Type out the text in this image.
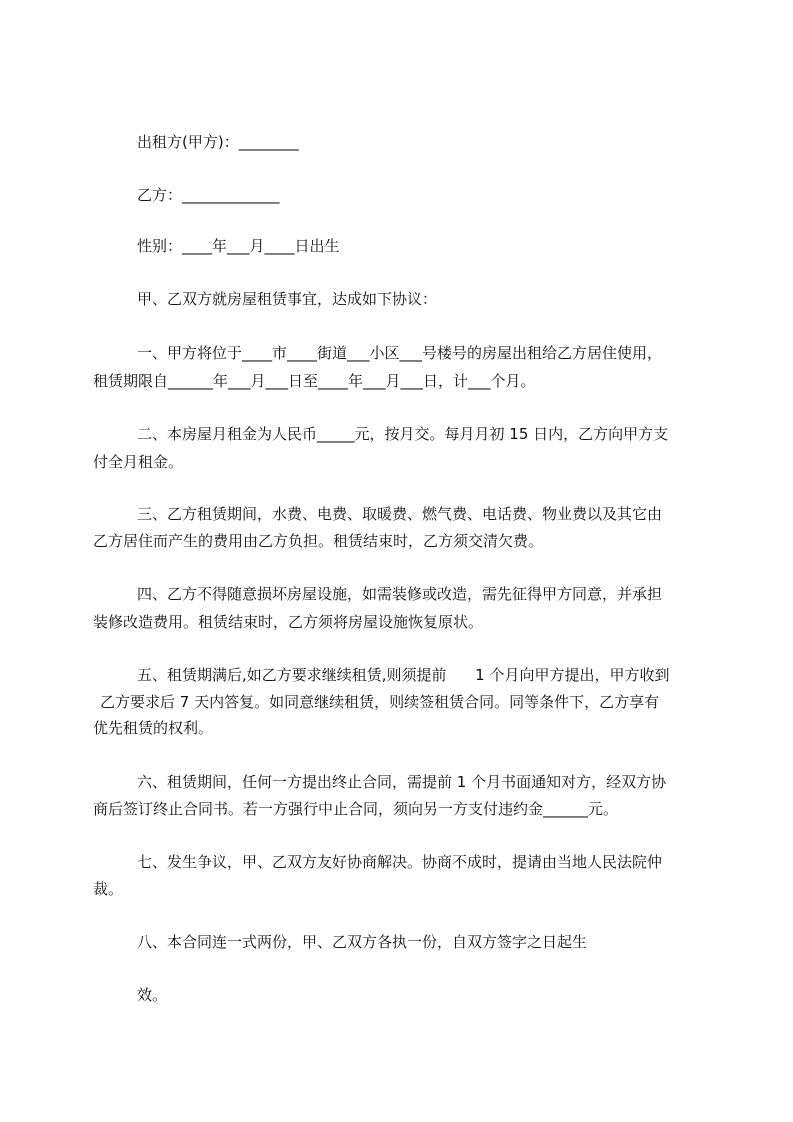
出租方(甲方)：________
乙方：_____________
性别：____年___月____日出生
甲、乙双方就房屋租赁事宜，达成如下协议：
一、甲方将位于____市____街道___小区___号楼号的房屋出租给乙方居住使用，
租赁期限自______年___月___日至____年___月___日，计___个月。
二、本房屋月租金为人民币_____元，按月交。每月月初 15 日内，乙方向甲方支
付全月租金。
三、乙方租赁期间，水费、电费、取暖费、燃气费、电话费、物业费以及其它由
乙方居住而产生的费用由乙方负担。租赁结束时，乙方须交清欠费。
四、乙方不得随意损坏房屋设施，如需装修或改造，需先征得甲方同意，并承担
装修改造费用。租赁结束时，乙方须将房屋设施恢复原状。
五、租赁期满后,如乙方要求继续租赁,则须提前      1 个月向甲方提出，甲方收到
乙方要求后 7 天内答复。如同意继续租赁，则续签租赁合同。同等条件下，乙方享有
优先租赁的权利。
六、租赁期间，任何一方提出终止合同，需提前 1 个月书面通知对方，经双方协
商后签订终止合同书。若一方强行中止合同，须向另一方支付违约金______元。
七、发生争议，甲、乙双方友好协商解决。协商不成时，提请由当地人民法院仲
裁。
八、本合同连一式两份，甲、乙双方各执一份，自双方签字之日起生
效。
